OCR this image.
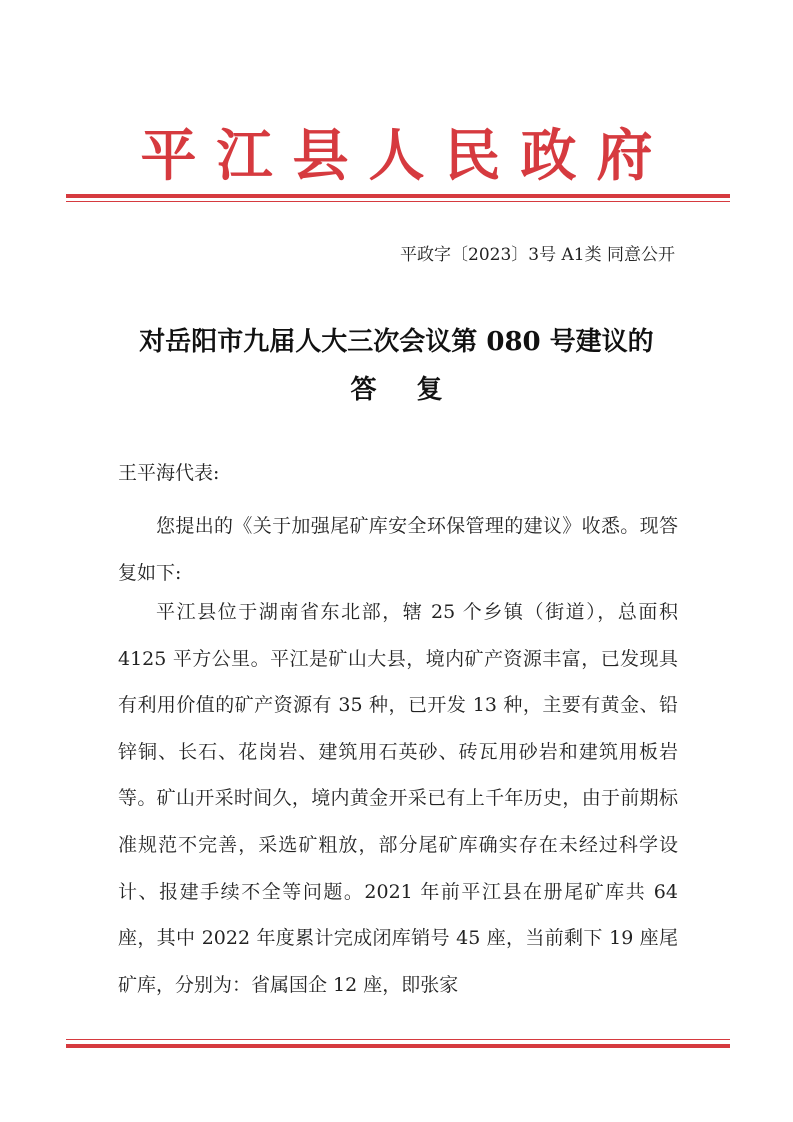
平江县人民政府
平政字〔2023〕3号 A1类 同意公开
对岳阳市九届人大三次会议第 080 号建议的
答复
王平海代表:
您提出的《关于加强尾矿库安全环保管理的建议》收悉。现答复如下:
平江县位于湖南省东北部，辖 25 个乡镇（街道），总面积 4125 平方公里。平江是矿山大县，境内矿产资源丰富，已发现具有利用价值的矿产资源有 35 种，已开发 13 种，主要有黄金、铅锌铜、长石、花岗岩、建筑用石英砂、砖瓦用砂岩和建筑用板岩等。矿山开采时间久，境内黄金开采已有上千年历史，由于前期标准规范不完善，采选矿粗放，部分尾矿库确实存在未经过科学设计、报建手续不全等问题。2021 年前平江县在册尾矿库共 64 座，其中 2022 年度累计完成闭库销号 45 座，当前剩下 19 座尾矿库，分别为：省属国企 12 座，即张家
